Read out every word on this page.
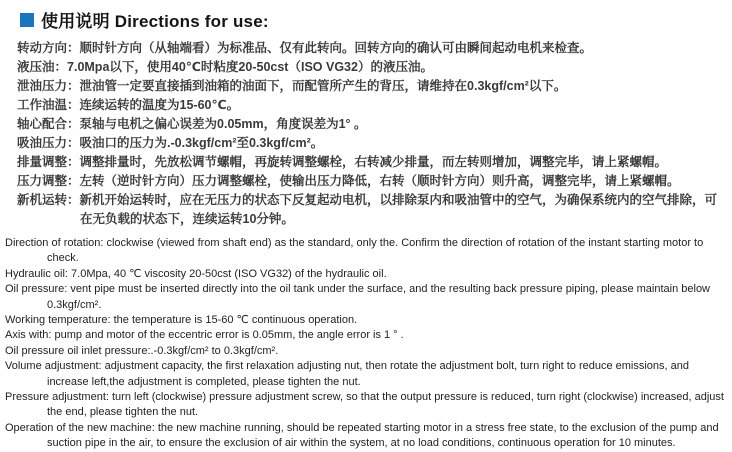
使用说明 Directions for use:

转动方向：顺时针方向（从轴端看）为标准品、仅有此转向。回转方向的确认可由瞬间起动电机来检查。

液压油：7.0Mpa以下，使用40℃时粘度20-50cst（ISO VG32）的液压油。

泄油压力：泄油管一定要直接插到油箱的油面下，而配管所产生的背压，请维持在0.3kgf/cm²以下。

工作油温：连续运转的温度为15-60℃。

轴心配合：泵轴与电机之偏心误差为0.05mm，角度误差为1° 。

吸油压力：吸油口的压力为.-0.3kgf/cm²至0.3kgf/cm²。

排量调整：调整排量时，先放松调节螺帽，再旋转调整螺栓，右转减少排量，而左转则增加，调整完毕，请上紧螺帽。

压力调整：左转（逆时针方向）压力调整螺栓，使输出压力降低，右转（顺时针方向）则升高，调整完毕，请上紧螺帽。

新机运转：新机开始运转时，应在无压力的状态下反复起动电机，以排除泵内和吸油管中的空气，为确保系统内的空气排除，可在无负载的状态下，连续运转10分钟。

Direction of rotation: clockwise (viewed from shaft end) as the standard, only the. Confirm the direction of rotation of the instant starting motor to check.

Hydraulic oil: 7.0Mpa, 40 ℃ viscosity 20-50cst (ISO VG32) of the hydraulic oil.

Oil pressure: vent pipe must be inserted directly into the oil tank under the surface, and the resulting back pressure piping, please maintain below 0.3kgf/cm².

Working temperature: the temperature is 15-60 ℃ continuous operation.

Axis with: pump and motor of the eccentric error is 0.05mm, the angle error is 1 ° .

Oil pressure oil inlet pressure:.-0.3kgf/cm² to 0.3kgf/cm².

Volume adjustment: adjustment capacity, the first relaxation adjusting nut, then rotate the adjustment bolt, turn right to reduce emissions, and increase left,the adjustment is completed, please tighten the nut.

Pressure adjustment: turn left (clockwise) pressure adjustment screw, so that the output pressure is reduced, turn right (clockwise) increased, adjust the end, please tighten the nut.

Operation of the new machine: the new machine running, should be repeated starting motor in a stress free state, to the exclusion of the pump and suction pipe in the air, to ensure the exclusion of air within the system, at no load conditions, continuous operation for 10 minutes.
